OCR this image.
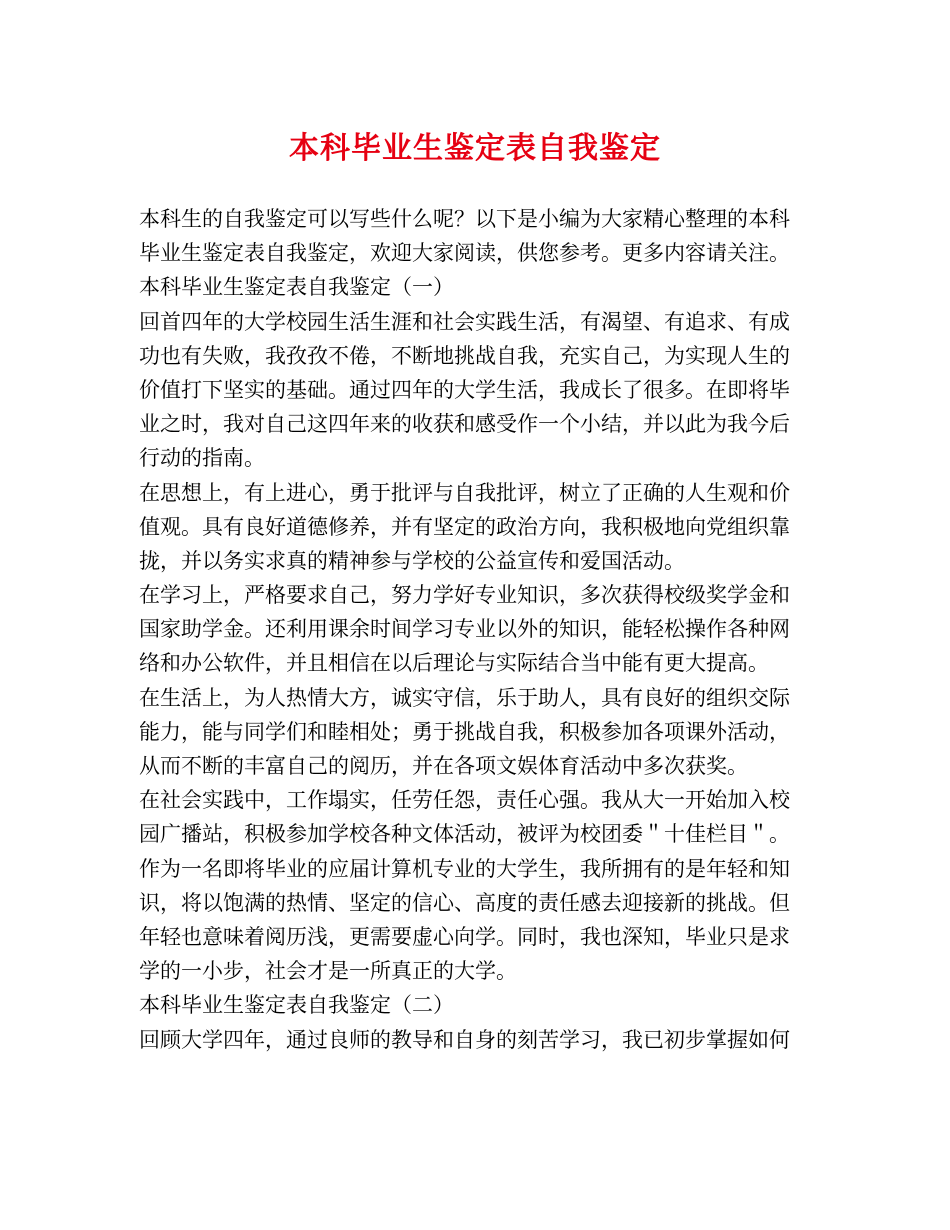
本科毕业生鉴定表自我鉴定
本科生的自我鉴定可以写些什么呢？以下是小编为大家精心整理的本科
毕业生鉴定表自我鉴定，欢迎大家阅读，供您参考。更多内容请关注。
本科毕业生鉴定表自我鉴定（一）
回首四年的大学校园生活生涯和社会实践生活，有渴望、有追求、有成
功也有失败，我孜孜不倦，不断地挑战自我，充实自己，为实现人生的
价值打下坚实的基础。通过四年的大学生活，我成长了很多。在即将毕
业之时，我对自己这四年来的收获和感受作一个小结，并以此为我今后
行动的指南。
在思想上，有上进心，勇于批评与自我批评，树立了正确的人生观和价
值观。具有良好道德修养，并有坚定的政治方向，我积极地向党组织靠
拢，并以务实求真的精神参与学校的公益宣传和爱国活动。
在学习上，严格要求自己，努力学好专业知识，多次获得校级奖学金和
国家助学金。还利用课余时间学习专业以外的知识，能轻松操作各种网
络和办公软件，并且相信在以后理论与实际结合当中能有更大提高。
在生活上，为人热情大方，诚实守信，乐于助人，具有良好的组织交际
能力，能与同学们和睦相处；勇于挑战自我，积极参加各项课外活动，
从而不断的丰富自己的阅历，并在各项文娱体育活动中多次获奖。
在社会实践中，工作塌实，任劳任怨，责任心强。我从大一开始加入校
园广播站，积极参加学校各种文体活动，被评为校团委＂十佳栏目＂。
作为一名即将毕业的应届计算机专业的大学生，我所拥有的是年轻和知
识，将以饱满的热情、坚定的信心、高度的责任感去迎接新的挑战。但
年轻也意味着阅历浅，更需要虚心向学。同时，我也深知，毕业只是求
学的一小步，社会才是一所真正的大学。
本科毕业生鉴定表自我鉴定（二）
回顾大学四年，通过良师的教导和自身的刻苦学习，我已初步掌握如何
